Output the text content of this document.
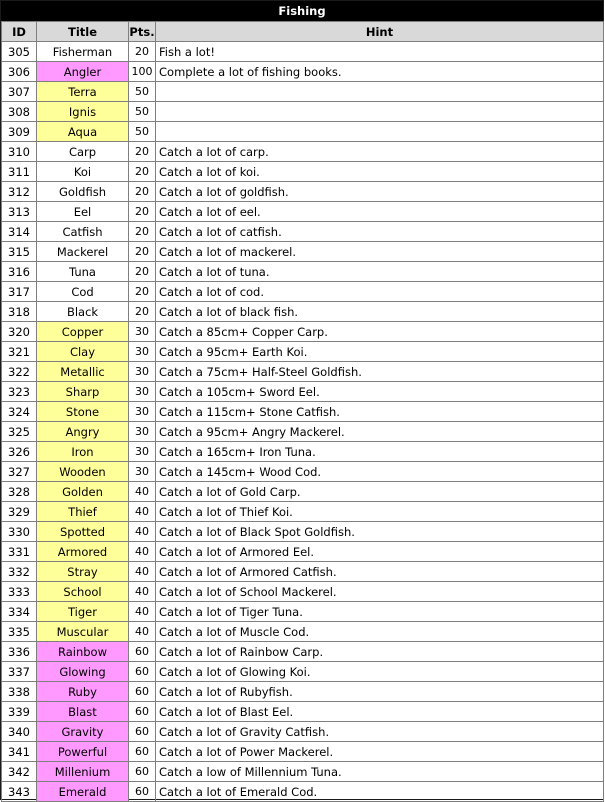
Fishing
ID	Title	Pts.	Hint
305	Fisherman	20	Fish a lot!
306	Angler	100	Complete a lot of fishing books.
307	Terra	50	
308	Ignis	50	
309	Aqua	50	
310	Carp	20	Catch a lot of carp.
311	Koi	20	Catch a lot of koi.
312	Goldfish	20	Catch a lot of goldfish.
313	Eel	20	Catch a lot of eel.
314	Catfish	20	Catch a lot of catfish.
315	Mackerel	20	Catch a lot of mackerel.
316	Tuna	20	Catch a lot of tuna.
317	Cod	20	Catch a lot of cod.
318	Black	20	Catch a lot of black fish.
320	Copper	30	Catch a 85cm+ Copper Carp.
321	Clay	30	Catch a 95cm+ Earth Koi.
322	Metallic	30	Catch a 75cm+ Half-Steel Goldfish.
323	Sharp	30	Catch a 105cm+ Sword Eel.
324	Stone	30	Catch a 115cm+ Stone Catfish.
325	Angry	30	Catch a 95cm+ Angry Mackerel.
326	Iron	30	Catch a 165cm+ Iron Tuna.
327	Wooden	30	Catch a 145cm+ Wood Cod.
328	Golden	40	Catch a lot of Gold Carp.
329	Thief	40	Catch a lot of Thief Koi.
330	Spotted	40	Catch a lot of Black Spot Goldfish.
331	Armored	40	Catch a lot of Armored Eel.
332	Stray	40	Catch a lot of Armored Catfish.
333	School	40	Catch a lot of School Mackerel.
334	Tiger	40	Catch a lot of Tiger Tuna.
335	Muscular	40	Catch a lot of Muscle Cod.
336	Rainbow	60	Catch a lot of Rainbow Carp.
337	Glowing	60	Catch a lot of Glowing Koi.
338	Ruby	60	Catch a lot of Rubyfish.
339	Blast	60	Catch a lot of Blast Eel.
340	Gravity	60	Catch a lot of Gravity Catfish.
341	Powerful	60	Catch a lot of Power Mackerel.
342	Millenium	60	Catch a low of Millennium Tuna.
343	Emerald	60	Catch a lot of Emerald Cod.
